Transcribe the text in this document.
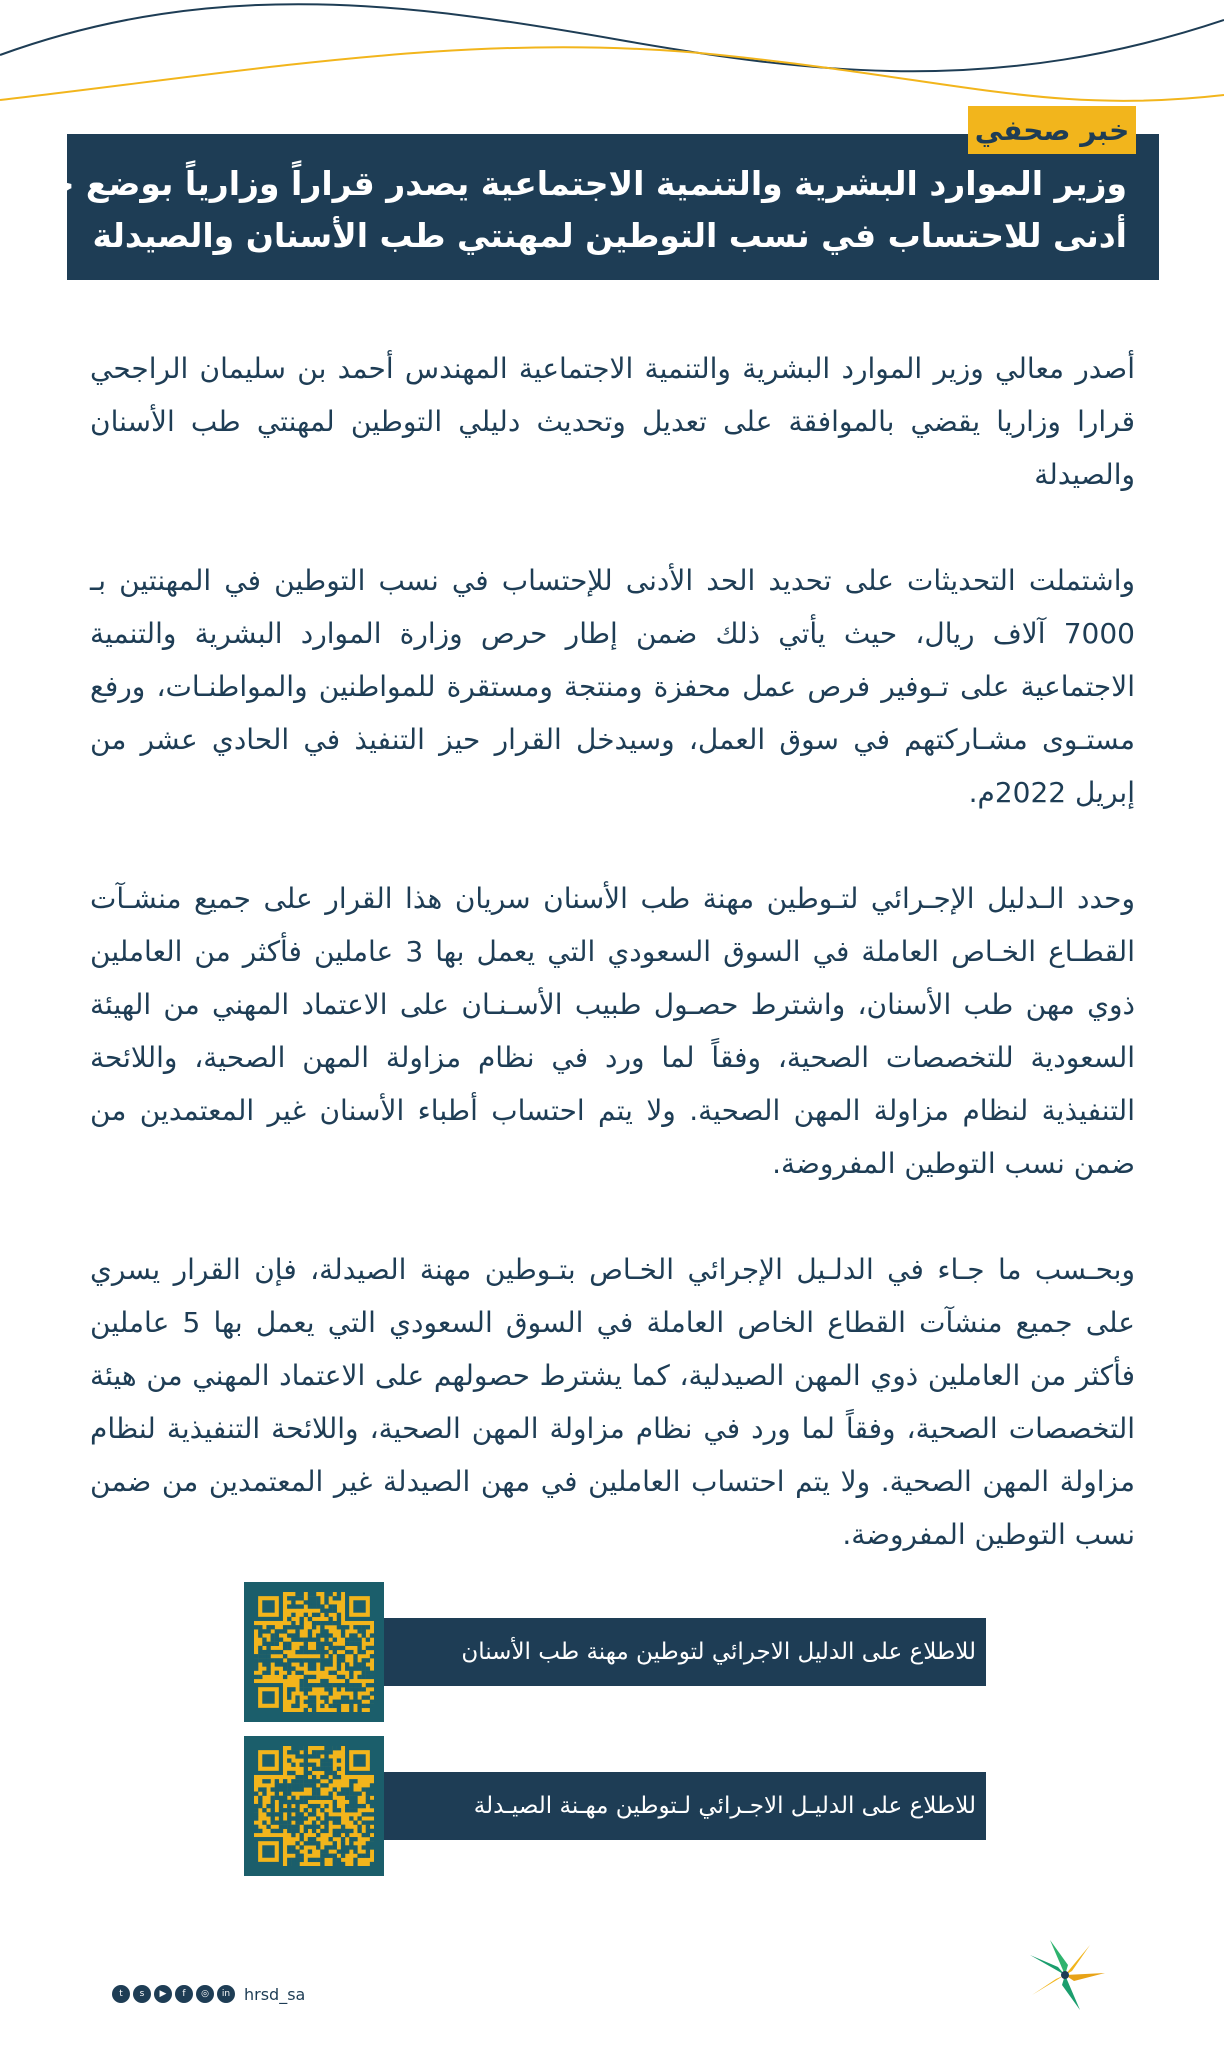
خبر صحفي
وزير الموارد البشرية والتنمية الاجتماعية يصدر قراراً وزارياً بوضع حد
أدنى للاحتساب في نسب التوطين لمهنتي طب الأسنان والصيدلة

أصدر معالي وزير الموارد البشرية والتنمية الاجتماعية المهندس أحمد بن سليمان الراجحي قرارا وزاريا يقضي بالموافقة على تعديل وتحديث دليلي التوطين لمهنتي طب الأسنان والصيدلة

واشتملت التحديثات على تحديد الحد الأدنى للإحتساب في نسب التوطين في المهنتين بـ 7000 آلاف ريال، حيث يأتي ذلك ضمن إطار حرص وزارة الموارد البشرية والتنمية الاجتماعية على تـوفير فرص عمل محفزة ومنتجة ومستقرة للمواطنين والمواطنـات، ورفع مستـوى مشـاركتهم في سوق العمل، وسيدخل القرار حيز التنفيذ في الحادي عشر من إبريل 2022م.

وحدد الـدليل الإجـرائي لتـوطين مهنة طب الأسنان سريان هذا القرار على جميع منشـآت القطـاع الخـاص العاملة في السوق السعودي التي يعمل بها 3 عاملين فأكثر من العاملين ذوي مهن طب الأسنان، واشترط حصـول طبيب الأسـنـان على الاعتماد المهني من الهيئة السعودية للتخصصات الصحية، وفقاً لما ورد في نظام مزاولة المهن الصحية، واللائحة التنفيذية لنظام مزاولة المهن الصحية. ولا يتم احتساب أطباء الأسنان غير المعتمدين من ضمن نسب التوطين المفروضة.

وبحـسب ما جـاء في الدلـيل الإجرائي الخـاص بتـوطين مهنة الصيدلة، فإن القرار يسري على جميع منشآت القطاع الخاص العاملة في السوق السعودي التي يعمل بها 5 عاملين فأكثر من العاملين ذوي المهن الصيدلية، كما يشترط حصولهم على الاعتماد المهني من هيئة التخصصات الصحية، وفقاً لما ورد في نظام مزاولة المهن الصحية، واللائحة التنفيذية لنظام مزاولة المهن الصحية. ولا يتم احتساب العاملين في مهن الصيدلة غير المعتمدين من ضمن نسب التوطين المفروضة.

للاطلاع على الدليل الاجرائي لتوطين مهنة طب الأسنان
للاطلاع على الدليـل الاجـرائي لـتوطين مهـنة الصيـدلة
t	s	▶	f	◎	in hrsd_sa
